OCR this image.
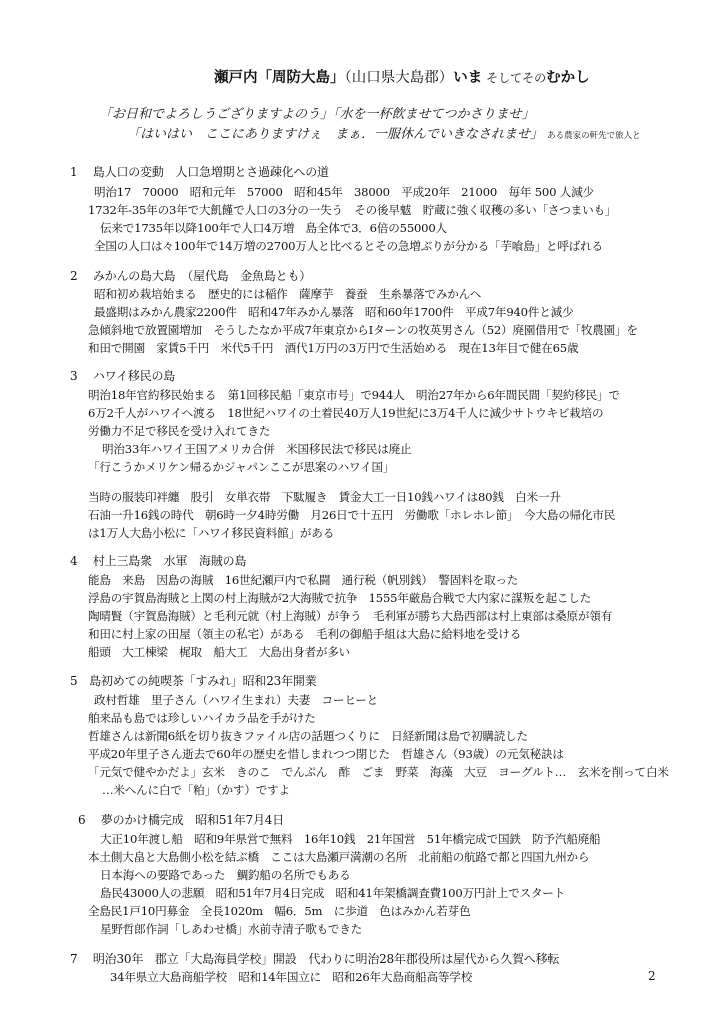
瀬戸内「周防大島」（山口県大島郡）いま そしてそのむかし
「お日和でよろしうござりますよのう」「水を一杯飲ませてつかさりませ」
「はいはい　ここにありますけぇ　まぁ．一服休んでいきなされませ」 ある農家の軒先で旅人と
1　 島人口の変動　人口急増期とさ過疎化への道
明治17　70000　昭和元年　57000　昭和45年　38000　平成20年　21000　毎年 500 人減少
1732年-35年の3年で大飢饉で人口の3分の一失う　その後早魃　貯蔵に強く収穫の多い「さつまいも」
伝来で1735年以降100年で人口4万増　島全体で3．6倍の55000人
全国の人口は々100年で14万増の2700万人と比べるとその急増ぶりが分かる「芋喰島」と呼ばれる
2　 みかんの島大島　（屋代島　金魚島とも）
昭和初め栽培始まる　歴史的には稲作　薩摩芋　養蚕　生糸暴落でみかんへ
最盛期はみかん農家2200件　昭和47年みかん暴落　昭和60年1700件　平成7年940件と減少
急傾斜地で放置園増加　そうしたなか平成7年東京からIターンの牧英男さん（52）廃園借用で「牧農園」を
和田で開園　家賃5千円　米代5千円　酒代1万円の3万円で生活始める　現在13年目で健在65歳
3　 ハワイ移民の島
明治18年官約移民始まる　第1回移民船「東京市号」で944人　明治27年から6年間民間「契約移民」で
6万2千人がハワイへ渡る　18世紀ハワイの土着民40万人19世紀に3万4千人に減少サトウキビ栽培の
労働力不足で移民を受け入れてきた
明治33年ハワイ王国アメリカ合併　米国移民法で移民は廃止
「行こうかメリケン帰るかジャパンここが思案のハワイ国」
当時の服装印袢纏　股引　女単衣帯　下駄履き　賃金大工一日10銭ハワイは80銭　白米一升
石油一升16銭の時代　朝6時一夕4時労働　月26日で十五円　労働歌「ホレホレ節」　今大島の帰化市民
は1万人大島小松に「ハワイ移民資料館」がある
4　 村上三島衆　水軍　海賊の島
能島　来島　因島の海賊　16世紀瀬戸内で私闘　通行税（帆別銭）　警固料を取った
浮島の宇賀島海賊と上関の村上海賊が2大海賊で抗争　1555年厳島合戦で大内家に謀叛を起こした
陶晴賢（宇賀島海賊）と毛利元就（村上海賊）が争う　毛利軍が勝ち大島西部は村上東部は桑原が領有
和田に村上家の田屋（領主の私宅）がある　毛利の御船手組は大島に給料地を受ける
船頭　大工棟梁　梶取　船大工　大島出身者が多い
5　島初めての純喫茶「すみれ」昭和23年開業
政村哲雄　里子さん（ハワイ生まれ）夫妻　コーヒーと
舶来品も島では珍しいハイカラ品を手がけた
哲雄さんは新聞6紙を切り抜きファイル店の話題つくりに　日経新聞は島で初購読した
平成20年里子さん逝去で60年の歴史を惜しまれつつ閉じた　哲雄さん（93歳）の元気秘訣は
「元気で健やかだよ」玄米　きのこ　でんぷん　酢　ごま　野菜　海藻　大豆　ヨーグルト…　玄米を削って白米
…米へんに白で「粕」（かす）ですよ
6　 夢のかけ橋完成　昭和51年7月4日
大正10年渡し船　昭和9年県営で無料　16年10銭　21年国営　51年橋完成で国鉄　防予汽船廃船
本土側大畠と大島側小松を結ぶ橋　ここは大島瀬戸満潮の名所　北前船の航路で都と四国九州から
日本海への要路であった　鯛釣船の名所でもある
島民43000人の悲願　昭和51年7月4日完成　昭和41年架橋調査費100万円計上でスタート
全島民1戸10円募金　全長1020m　幅6．5m　に歩道　色はみかん若芽色
星野哲郎作詞「しあわせ橋」水前寺清子歌もできた
7　 明治30年　郡立「大島海員学校」開設　代わりに明治28年郡役所は屋代から久賀へ移転
34年県立大島商船学校　昭和14年国立に　昭和26年大島商船高等学校	2
